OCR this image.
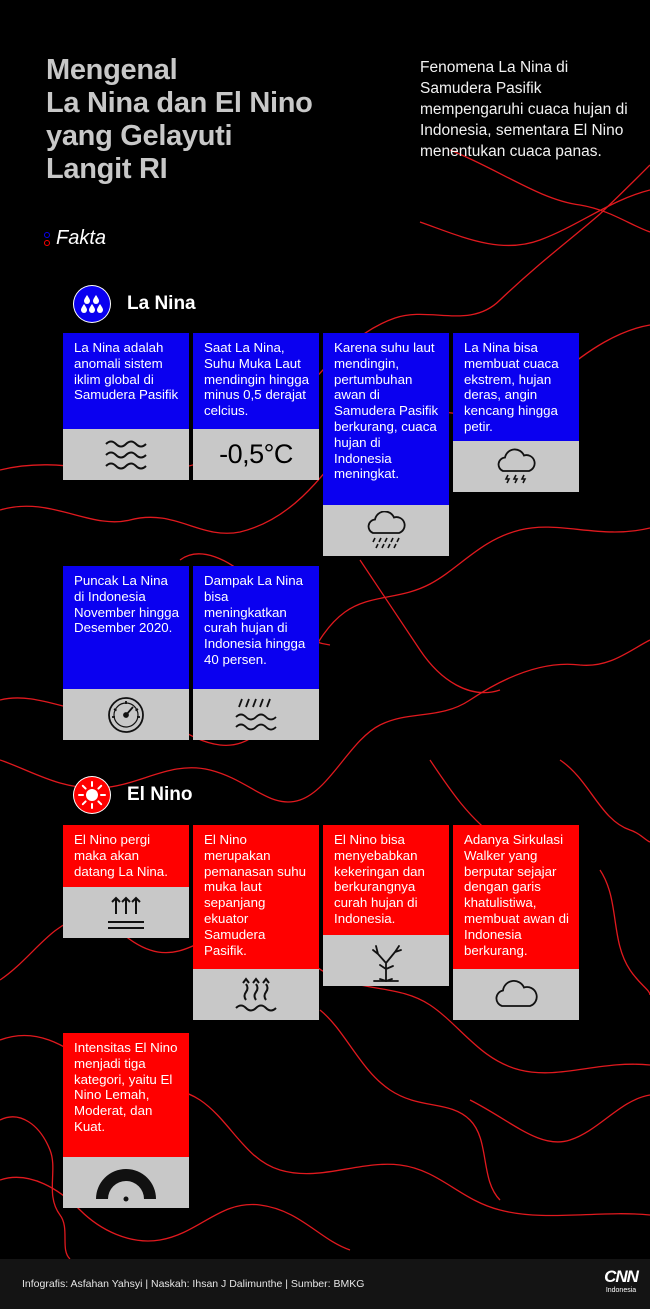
Mengenal
La Nina dan El Nino
yang Gelayuti
Langit RI
Fenomena La Nina di Samudera Pasifik mempengaruhi cuaca hujan di Indonesia, sementara El Nino menentukan cuaca panas.
Fakta
La Nina
La Nina adalah anomali sistem iklim global di Samudera Pasifik
Saat La Nina, Suhu Muka Laut mendingin hingga minus 0,5 derajat celcius.
-0,5°C
Karena suhu laut mendingin, pertumbuhan awan di Samudera Pasifik berkurang, cuaca hujan di Indonesia meningkat.
La Nina bisa membuat cuaca ekstrem, hujan deras, angin kencang hingga petir.
Puncak La Nina di Indonesia November hingga Desember 2020.
Dampak La Nina bisa meningkatkan curah hujan di Indonesia hingga 40 persen.
El Nino
El Nino pergi maka akan datang La Nina.
El Nino merupakan pemanasan suhu muka laut sepanjang ekuator Samudera Pasifik.
El Nino bisa menyebabkan kekeringan dan berkurangnya curah hujan di Indonesia.
Adanya Sirkulasi Walker yang berputar sejajar dengan garis khatulistiwa, membuat awan di Indonesia berkurang.
Intensitas El Nino menjadi tiga kategori, yaitu El Nino Lemah, Moderat, dan Kuat.
Infografis: Asfahan Yahsyi | Naskah: Ihsan J Dalimunthe | Sumber: BMKG	CNN
Indonesia
